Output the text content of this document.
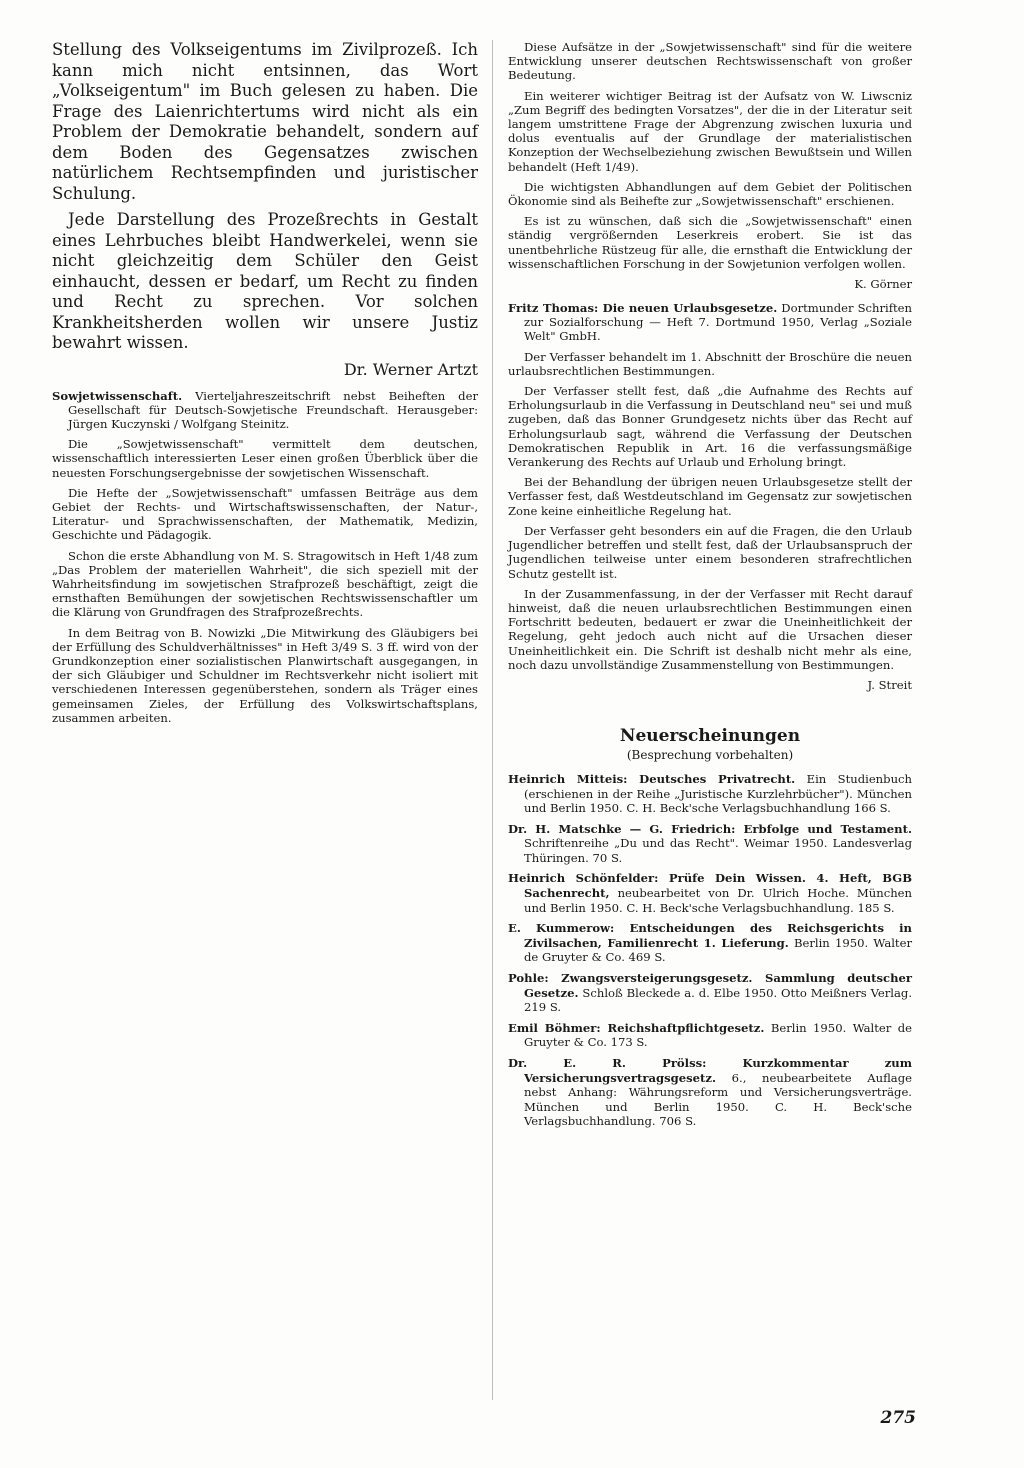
Stellung des Volkseigentums im Zivilprozeß. Ich kann mich nicht entsinnen, das Wort „Volkseigentum" im Buch gelesen zu haben. Die Frage des Laienrichtertums wird nicht als ein Problem der Demokratie behandelt, sondern auf dem Boden des Gegensatzes zwischen natürlichem Rechtsempfinden und juristischer Schulung.

Jede Darstellung des Prozeßrechts in Gestalt eines Lehrbuches bleibt Handwerkelei, wenn sie nicht gleichzeitig dem Schüler den Geist einhaucht, dessen er bedarf, um Recht zu finden und Recht zu sprechen. Vor solchen Krankheitsherden wollen wir unsere Justiz bewahrt wissen.

Dr. Werner Artzt

Sowjetwissenschaft. Vierteljahreszeitschrift nebst Beiheften der Gesellschaft für Deutsch-Sowjetische Freundschaft. Herausgeber: Jürgen Kuczynski / Wolfgang Steinitz.

Die „Sowjetwissenschaft" vermittelt dem deutschen, wissenschaftlich interessierten Leser einen großen Überblick über die neuesten Forschungsergebnisse der sowjetischen Wissenschaft.

Die Hefte der „Sowjetwissenschaft" umfassen Beiträge aus dem Gebiet der Rechts- und Wirtschaftswissenschaften, der Natur-, Literatur- und Sprachwissenschaften, der Mathematik, Medizin, Geschichte und Pädagogik.

Schon die erste Abhandlung von M. S. Stragowitsch in Heft 1/48 zum „Das Problem der materiellen Wahrheit", die sich speziell mit der Wahrheitsfindung im sowjetischen Strafprozeß beschäftigt, zeigt die ernsthaften Bemühungen der sowjetischen Rechtswissenschaftler um die Klärung von Grundfragen des Strafprozeßrechts.

In dem Beitrag von B. Nowizki „Die Mitwirkung des Gläubigers bei der Erfüllung des Schuldverhältnisses" in Heft 3/49 S. 3 ff. wird von der Grundkonzeption einer sozialistischen Planwirtschaft ausgegangen, in der sich Gläubiger und Schuldner im Rechtsverkehr nicht isoliert mit verschiedenen Interessen gegenüberstehen, sondern als Träger eines gemeinsamen Zieles, der Erfüllung des Volkswirtschaftsplans, zusammen arbeiten.

Diese Aufsätze in der „Sowjetwissenschaft" sind für die weitere Entwicklung unserer deutschen Rechtswissenschaft von großer Bedeutung.

Ein weiterer wichtiger Beitrag ist der Aufsatz von W. Liwscniz „Zum Begriff des bedingten Vorsatzes", der die in der Literatur seit langem umstrittene Frage der Abgrenzung zwischen luxuria und dolus eventualis auf der Grundlage der materialistischen Konzeption der Wechselbeziehung zwischen Bewußtsein und Willen behandelt (Heft 1/49).

Die wichtigsten Abhandlungen auf dem Gebiet der Politischen Ökonomie sind als Beihefte zur „Sowjetwissenschaft" erschienen.

Es ist zu wünschen, daß sich die „Sowjetwissenschaft" einen ständig vergrößernden Leserkreis erobert. Sie ist das unentbehrliche Rüstzeug für alle, die ernsthaft die Entwicklung der wissenschaftlichen Forschung in der Sowjetunion verfolgen wollen.

K. Görner

Fritz Thomas: Die neuen Urlaubsgesetze. Dortmunder Schriften zur Sozialforschung — Heft 7. Dortmund 1950, Verlag „Soziale Welt" GmbH.

Der Verfasser behandelt im 1. Abschnitt der Broschüre die neuen urlaubsrechtlichen Bestimmungen.

Der Verfasser stellt fest, daß „die Aufnahme des Rechts auf Erholungsurlaub in die Verfassung in Deutschland neu" sei und muß zugeben, daß das Bonner Grundgesetz nichts über das Recht auf Erholungsurlaub sagt, während die Verfassung der Deutschen Demokratischen Republik in Art. 16 die verfassungsmäßige Verankerung des Rechts auf Urlaub und Erholung bringt.

Bei der Behandlung der übrigen neuen Urlaubsgesetze stellt der Verfasser fest, daß Westdeutschland im Gegensatz zur sowjetischen Zone keine einheitliche Regelung hat.

Der Verfasser geht besonders ein auf die Fragen, die den Urlaub Jugendlicher betreffen und stellt fest, daß der Urlaubsanspruch der Jugendlichen teilweise unter einem besonderen strafrechtlichen Schutz gestellt ist.

In der Zusammenfassung, in der der Verfasser mit Recht darauf hinweist, daß die neuen urlaubsrechtlichen Bestimmungen einen Fortschritt bedeuten, bedauert er zwar die Uneinheitlichkeit der Regelung, geht jedoch auch nicht auf die Ursachen dieser Uneinheitlichkeit ein. Die Schrift ist deshalb nicht mehr als eine, noch dazu unvollständige Zusammenstellung von Bestimmungen.

J. Streit

Neuerscheinungen
(Besprechung vorbehalten)
Heinrich Mitteis: Deutsches Privatrecht. Ein Studienbuch (erschienen in der Reihe „Juristische Kurzlehrbücher"). München und Berlin 1950. C. H. Beck'sche Verlagsbuchhandlung 166 S.
Dr. H. Matschke — G. Friedrich: Erbfolge und Testament. Schriftenreihe „Du und das Recht". Weimar 1950. Landesverlag Thüringen. 70 S.
Heinrich Schönfelder: Prüfe Dein Wissen. 4. Heft, BGB Sachenrecht, neubearbeitet von Dr. Ulrich Hoche. München und Berlin 1950. C. H. Beck'sche Verlagsbuchhandlung. 185 S.
E. Kummerow: Entscheidungen des Reichsgerichts in Zivilsachen, Familienrecht 1. Lieferung. Berlin 1950. Walter de Gruyter & Co. 469 S.
Pohle: Zwangsversteigerungsgesetz. Sammlung deutscher Gesetze. Schloß Bleckede a. d. Elbe 1950. Otto Meißners Verlag. 219 S.
Emil Böhmer: Reichshaftpflichtgesetz. Berlin 1950. Walter de Gruyter & Co. 173 S.
Dr. E. R. Prölss: Kurzkommentar zum Versicherungsvertragsgesetz. 6., neubearbeitete Auflage nebst Anhang: Währungsreform und Versicherungsverträge. München und Berlin 1950. C. H. Beck'sche Verlagsbuchhandlung. 706 S.
275
